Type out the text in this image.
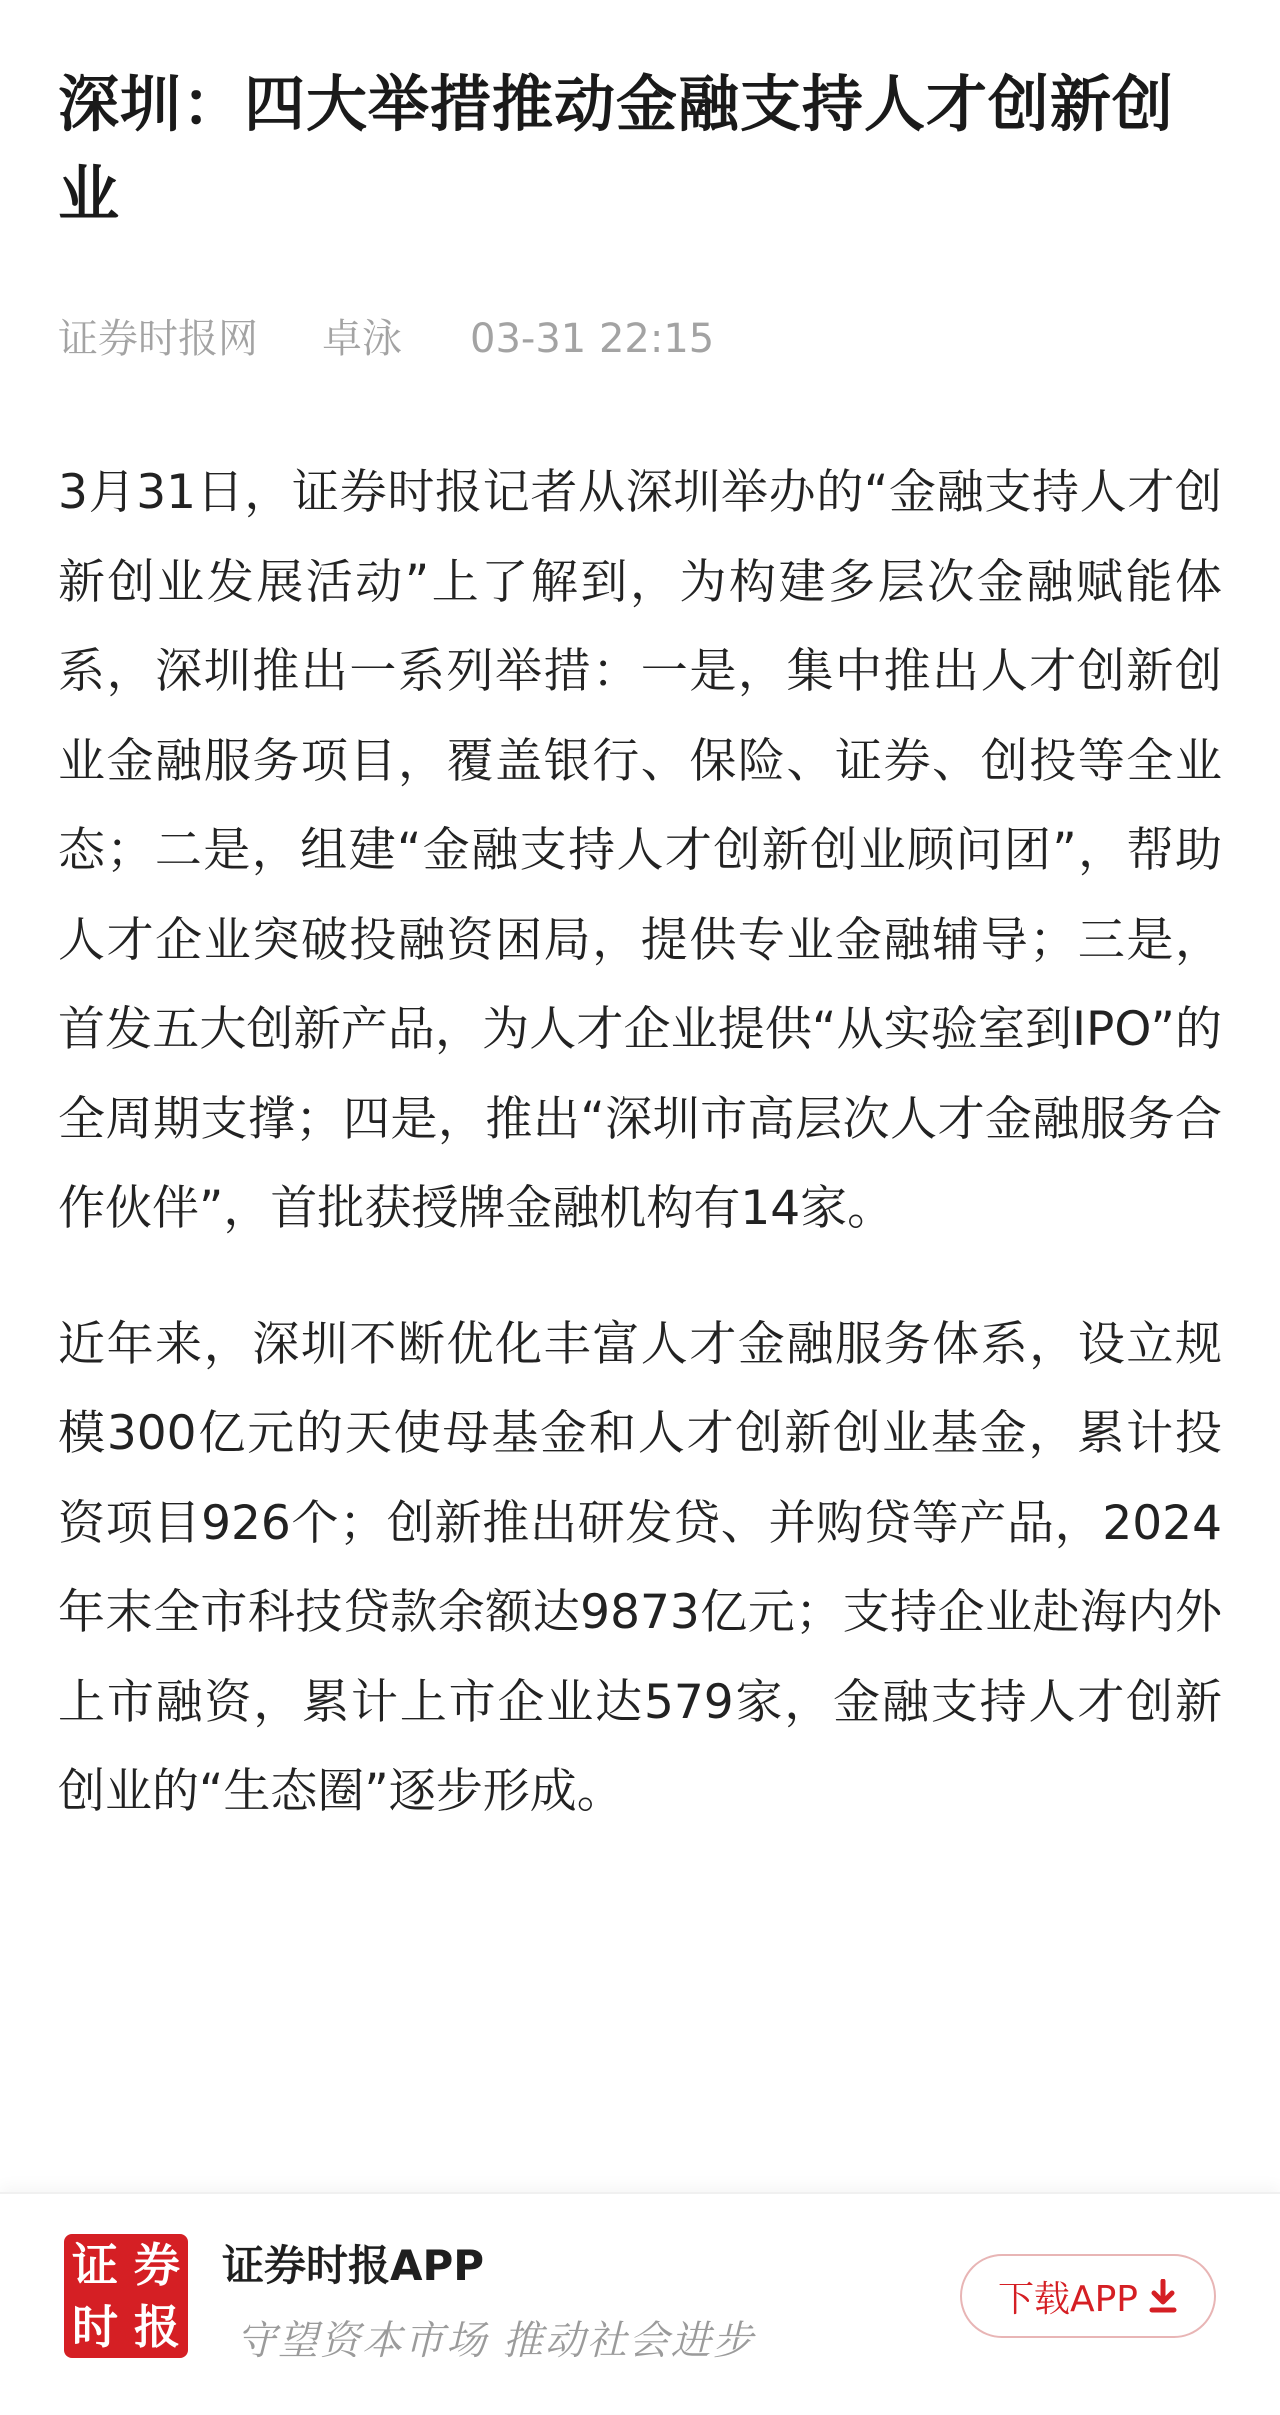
深圳：四大举措推动金融支持人才创新创业
证券时报网	卓泳	03-31 22:15

3月31日，证券时报记者从深圳举办的“金融支持人才创新创业发展活动”上了解到，为构建多层次金融赋能体系，深圳推出一系列举措：一是，集中推出人才创新创业金融服务项目，覆盖银行、保险、证券、创投等全业态；二是，组建“金融支持人才创新创业顾问团”，帮助人才企业突破投融资困局，提供专业金融辅导；三是，首发五大创新产品，为人才企业提供“从实验室到IPO”的全周期支撑；四是，推出“深圳市高层次人才金融服务合作伙伴”，首批获授牌金融机构有14家。

近年来，深圳不断优化丰富人才金融服务体系，设立规模300亿元的天使母基金和人才创新创业基金，累计投资项目926个；创新推出研发贷、并购贷等产品，2024年末全市科技贷款余额达9873亿元；支持企业赴海内外上市融资，累计上市企业达579家，金融支持人才创新创业的“生态圈”逐步形成。

证 券
时 报
证券时报APP
守望资本市场 推动社会进步
下载APP
